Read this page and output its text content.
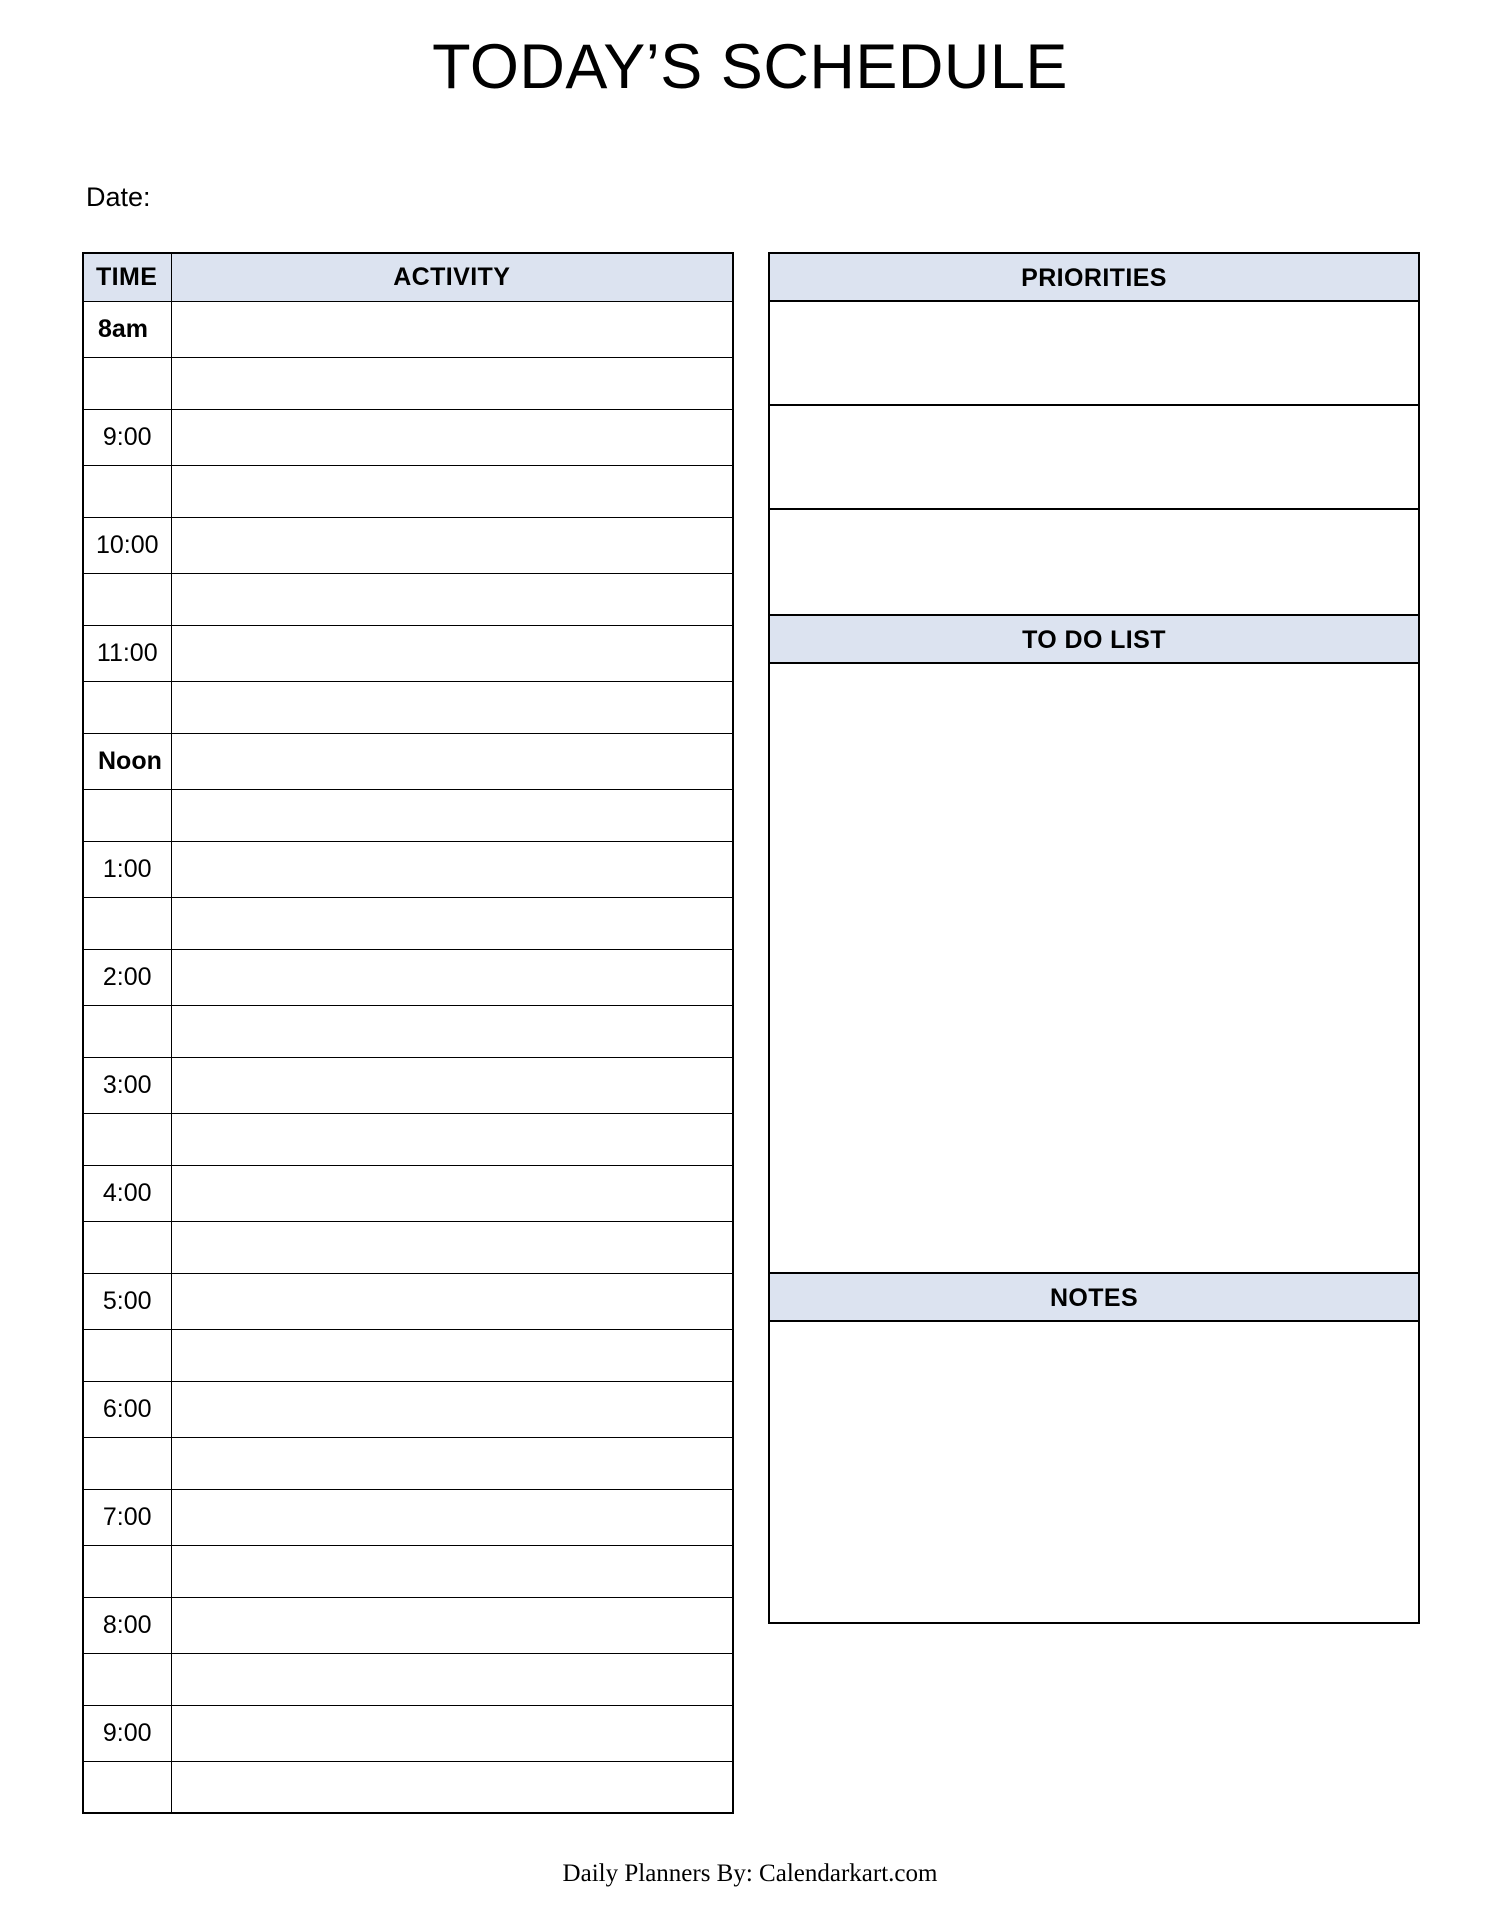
TODAY’S SCHEDULE
Date:
TIME	ACTIVITY
8am	

9:00	

10:00	

11:00	

Noon	

1:00	

2:00	

3:00	

4:00	

5:00	

6:00	

7:00	

8:00	

9:00	

PRIORITIES
TO DO LIST
NOTES
Daily Planners By: Calendarkart.com
